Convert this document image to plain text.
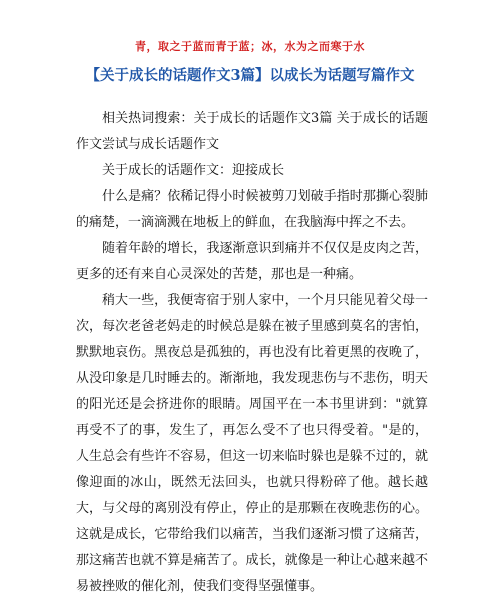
青，取之于蓝而青于蓝；冰，水为之而寒于水
【关于成长的话题作文3篇】以成长为话题写篇作文

相关热词搜索：关于成长的话题作文3篇 关于成长的话题作文尝试与成长话题作文

关于成长的话题作文：迎接成长

什么是痛？依稀记得小时候被剪刀划破手指时那撕心裂肺的痛楚，一滴滴溅在地板上的鲜血，在我脑海中挥之不去。

随着年龄的增长，我逐渐意识到痛并不仅仅是皮肉之苦，更多的还有来自心灵深处的苦楚，那也是一种痛。

稍大一些，我便寄宿于别人家中，一个月只能见着父母一次，每次老爸老妈走的时候总是躲在被子里感到莫名的害怕，默默地哀伤。黑夜总是孤独的，再也没有比着更黑的夜晚了，从没印象是几时睡去的。渐渐地，我发现悲伤与不悲伤，明天的阳光还是会挤进你的眼睛。周国平在一本书里讲到："就算再受不了的事，发生了，再怎么受不了也只得受着。"是的，人生总会有些许不容易，但这一切来临时躲也是躲不过的，就像迎面的冰山，既然无法回头，也就只得粉碎了他。越长越大，与父母的离别没有停止，停止的是那颗在夜晚悲伤的心。这就是成长，它带给我们以痛苦，当我们逐渐习惯了这痛苦，那这痛苦也就不算是痛苦了。成长，就像是一种让心越来越不易被挫败的催化剂，使我们变得坚强懂事。
